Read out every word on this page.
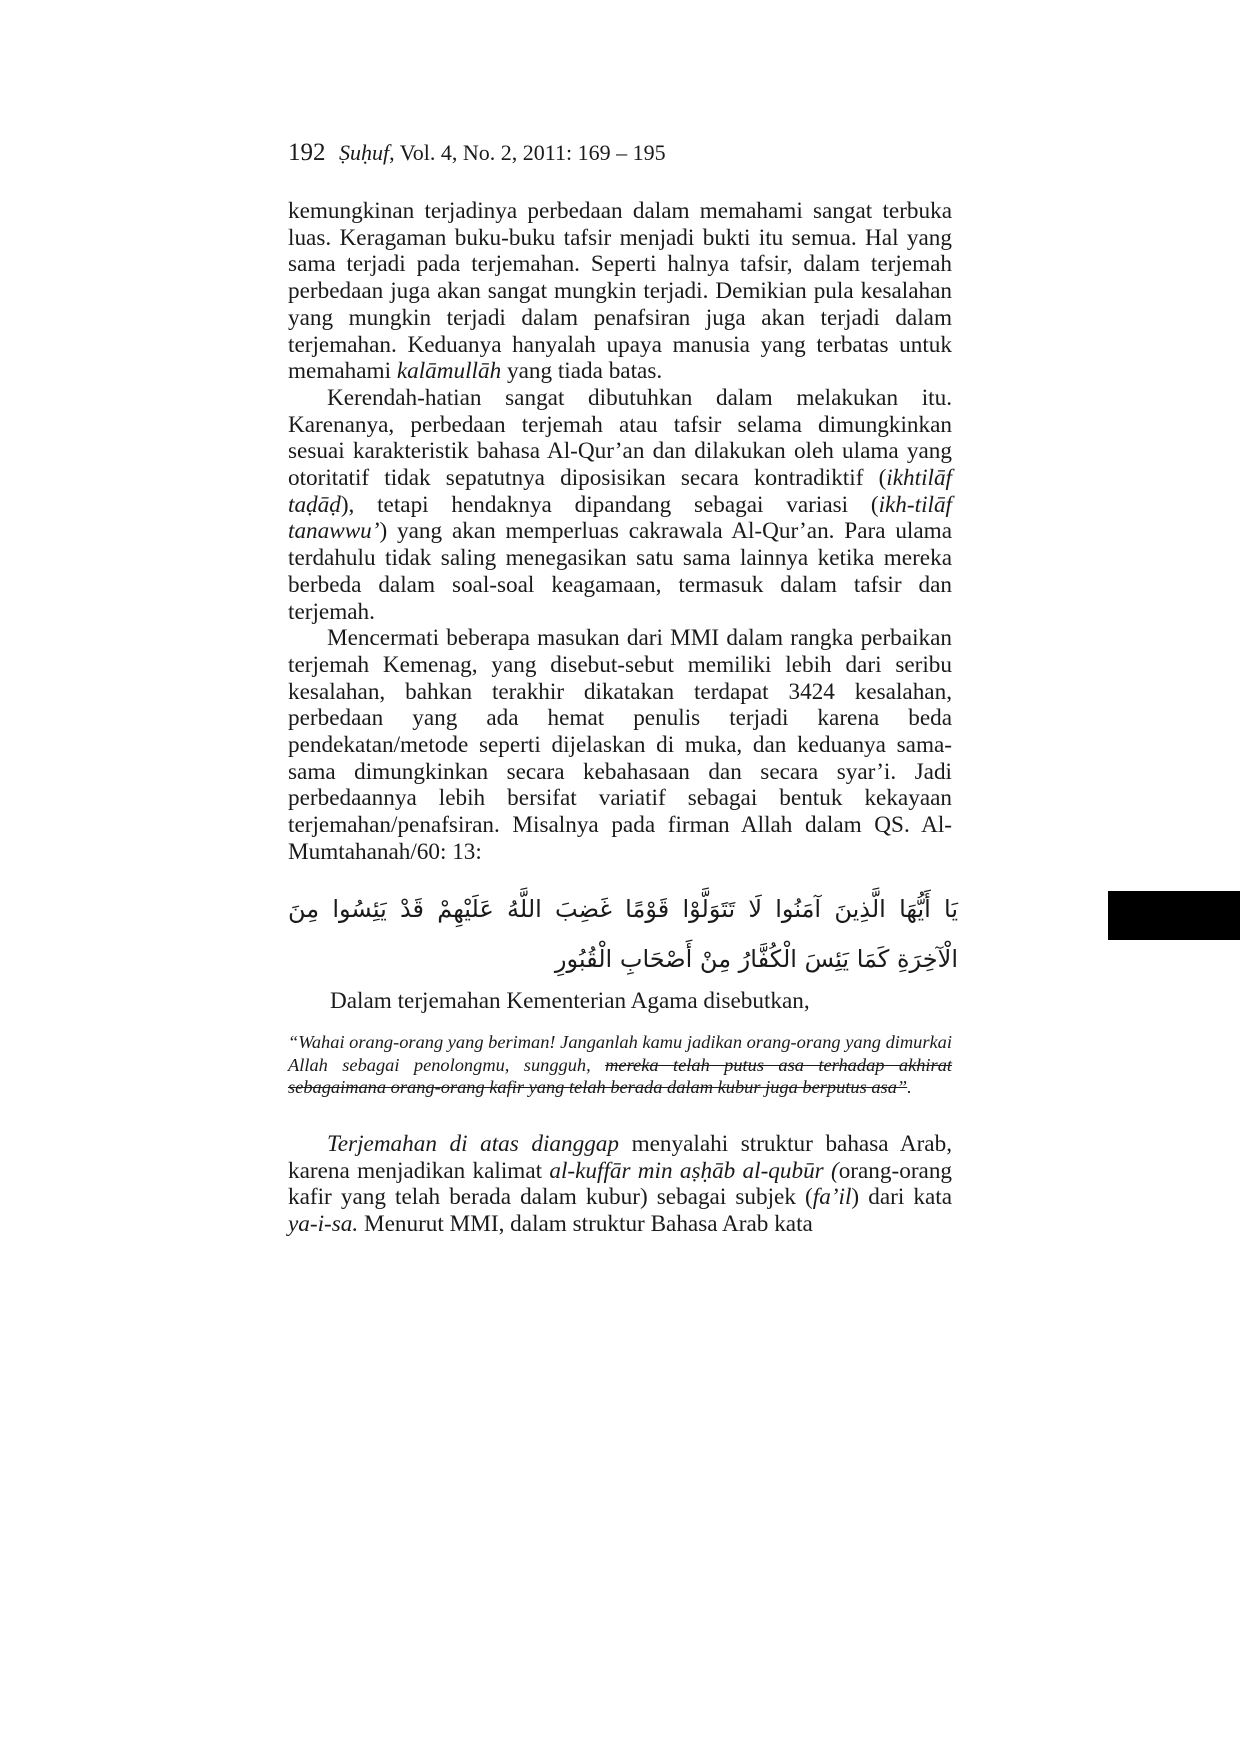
192 Ṣuḥuf, Vol. 4, No. 2, 2011: 169 – 195

kemungkinan terjadinya perbedaan dalam memahami sangat terbuka luas. Keragaman buku-buku tafsir menjadi bukti itu semua. Hal yang sama terjadi pada terjemahan. Seperti halnya tafsir, dalam terjemah perbedaan juga akan sangat mungkin terjadi. Demikian pula kesalahan yang mungkin terjadi dalam penafsiran juga akan terjadi dalam terjemahan. Keduanya hanyalah upaya manusia yang terbatas untuk memahami kalāmullāh yang tiada batas.

Kerendah-hatian sangat dibutuhkan dalam melakukan itu. Karenanya, perbedaan terjemah atau tafsir selama dimungkinkan sesuai karakteristik bahasa Al-Qur’an dan dilakukan oleh ulama yang otoritatif tidak sepatutnya diposisikan secara kontradiktif (ikhtilāf taḍāḍ), tetapi hendaknya dipandang sebagai variasi (ikh-tilāf tanawwu’) yang akan memperluas cakrawala Al-Qur’an. Para ulama terdahulu tidak saling menegasikan satu sama lainnya ketika mereka berbeda dalam soal-soal keagamaan, termasuk dalam tafsir dan terjemah.

Mencermati beberapa masukan dari MMI dalam rangka perbaikan terjemah Kemenag, yang disebut-sebut memiliki lebih dari seribu kesalahan, bahkan terakhir dikatakan terdapat 3424 kesalahan, perbedaan yang ada hemat penulis terjadi karena beda pendekatan/metode seperti dijelaskan di muka, dan keduanya sama-sama dimungkinkan secara kebahasaan dan secara syar’i. Jadi perbedaannya lebih bersifat variatif sebagai bentuk kekayaan terjemahan/penafsiran. Misalnya pada firman Allah dalam QS. Al-Mumtahanah/60: 13:

يَا أَيُّهَا الَّذِينَ آمَنُوا لَا تَتَوَلَّوْا قَوْمًا غَضِبَ اللَّهُ عَلَيْهِمْ قَدْ يَئِسُوا مِنَ الْآخِرَةِ كَمَا يَئِسَ الْكُفَّارُ مِنْ أَصْحَابِ الْقُبُورِ
Dalam terjemahan Kementerian Agama disebutkan,
“Wahai orang-orang yang beriman! Janganlah kamu jadikan orang-orang yang dimurkai Allah sebagai penolongmu, sungguh, mereka telah putus asa terhadap akhirat sebagaimana orang-orang kafir yang telah berada dalam kubur juga berputus asa”.

Terjemahan di atas dianggap menyalahi struktur bahasa Arab, karena menjadikan kalimat al-kuffār min aṣḥāb al-qubūr (orang-orang kafir yang telah berada dalam kubur) sebagai subjek (fa’il) dari kata ya-i-sa. Menurut MMI, dalam struktur Bahasa Arab kata
